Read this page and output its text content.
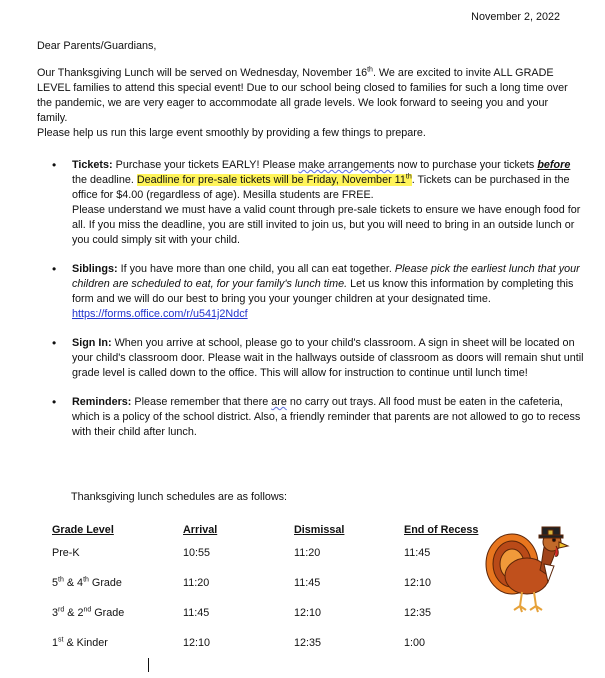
November 2, 2022
Dear Parents/Guardians,
Our Thanksgiving Lunch will be served on Wednesday, November 16th. We are excited to invite ALL GRADE LEVEL families to attend this special event! Due to our school being closed to families for such a long time over the pandemic, we are very eager to accommodate all grade levels. We look forward to seeing you and your family.
Please help us run this large event smoothly by providing a few things to prepare.
• Tickets: Purchase your tickets EARLY! Please make arrangements now to purchase your tickets before the deadline. Deadline for pre-sale tickets will be Friday, November 11th. Tickets can be purchased in the office for $4.00 (regardless of age). Mesilla students are FREE.
Please understand we must have a valid count through pre-sale tickets to ensure we have enough food for all. If you miss the deadline, you are still invited to join us, but you will need to bring in an outside lunch or you could simply sit with your child.
• Siblings: If you have more than one child, you all can eat together. Please pick the earliest lunch that your children are scheduled to eat, for your family's lunch time. Let us know this information by completing this form and we will do our best to bring you your younger children at your designated time. https://forms.office.com/r/u541j2Ndcf
• Sign In: When you arrive at school, please go to your child's classroom. A sign in sheet will be located on your child's classroom door. Please wait in the hallways outside of classroom as doors will remain shut until grade level is called down to the office. This will allow for instruction to continue until lunch time!
• Reminders: Please remember that there are no carry out trays. All food must be eaten in the cafeteria, which is a policy of the school district. Also, a friendly reminder that parents are not allowed to go to recess with their child after lunch.
Thanksgiving lunch schedules are as follows:
Grade Level	Arrival	Dismissal	End of Recess
Pre-K	10:55	11:20	11:45
5th & 4th Grade	11:20	11:45	12:10
3rd & 2nd Grade	11:45	12:10	12:35
1st & Kinder	12:10	12:35	1:00
